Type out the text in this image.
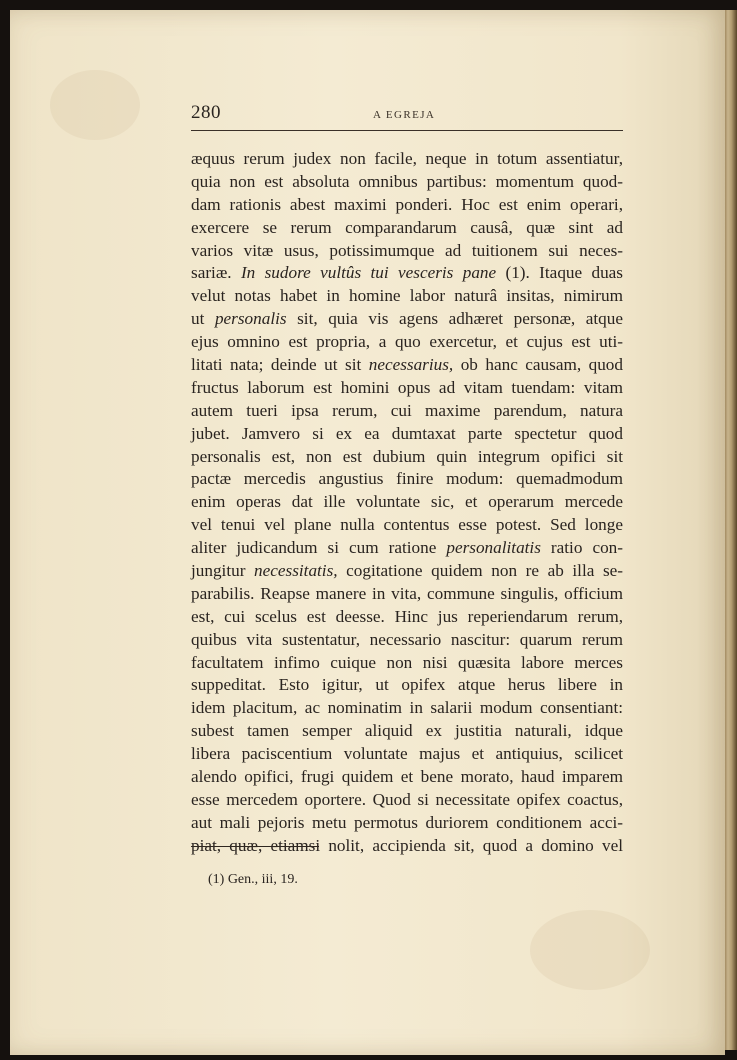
280	A EGREJA
æquus rerum judex non facile, neque in totum assentiatur,
quia non est absoluta omnibus partibus: momentum quod-
dam rationis abest maximi ponderi. Hoc est enim operari,
exercere se rerum comparandarum causâ, quæ sint ad
varios vitæ usus, potissimumque ad tuitionem sui neces-
sariæ. In sudore vultûs tui vesceris pane (1). Itaque duas
velut notas habet in homine labor naturâ insitas, nimirum
ut personalis sit, quia vis agens adhæret personæ, atque
ejus omnino est propria, a quo exercetur, et cujus est uti-
litati nata; deinde ut sit necessarius, ob hanc causam, quod
fructus laborum est homini opus ad vitam tuendam: vitam
autem tueri ipsa rerum, cui maxime parendum, natura
jubet. Jamvero si ex ea dumtaxat parte spectetur quod
personalis est, non est dubium quin integrum opifici sit
pactæ mercedis angustius finire modum: quemadmodum
enim operas dat ille voluntate sic, et operarum mercede
vel tenui vel plane nulla contentus esse potest. Sed longe
aliter judicandum si cum ratione personalitatis ratio con-
jungitur necessitatis, cogitatione quidem non re ab illa se-
parabilis. Reapse manere in vita, commune singulis, officium
est, cui scelus est deesse. Hinc jus reperiendarum rerum,
quibus vita sustentatur, necessario nascitur: quarum rerum
facultatem infimo cuique non nisi quæsita labore merces
suppeditat. Esto igitur, ut opifex atque herus libere in
idem placitum, ac nominatim in salarii modum consentiant:
subest tamen semper aliquid ex justitia naturali, idque
libera paciscentium voluntate majus et antiquius, scilicet
alendo opifici, frugi quidem et bene morato, haud imparem
esse mercedem oportere. Quod si necessitate opifex coactus,
aut mali pejoris metu permotus duriorem conditionem acci-
piat, quæ, etiamsi nolit, accipienda sit, quod a domino vel
(1) Gen., iii, 19.
